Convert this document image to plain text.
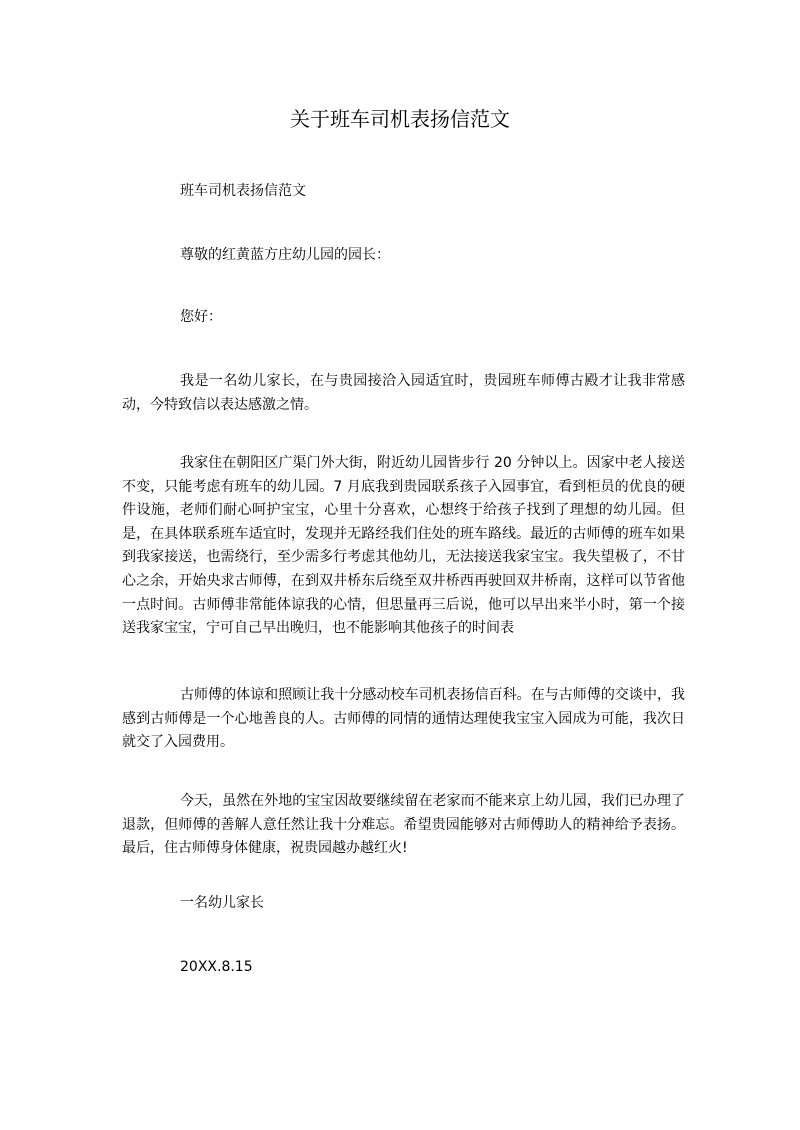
关于班车司机表扬信范文

班车司机表扬信范文

尊敬的红黄蓝方庄幼儿园的园长：

您好：

我是一名幼儿家长，在与贵园接洽入园适宜时，贵园班车师傅古殿才让我非常感动，今特致信以表达感激之情。

我家住在朝阳区广渠门外大街，附近幼儿园皆步行 20 分钟以上。因家中老人接送不变，只能考虑有班车的幼儿园。7 月底我到贵园联系孩子入园事宜，看到柜员的优良的硬件设施，老师们耐心呵护宝宝，心里十分喜欢，心想终于给孩子找到了理想的幼儿园。但是，在具体联系班车适宜时，发现并无路经我们住处的班车路线。最近的古师傅的班车如果到我家接送，也需绕行，至少需多行考虑其他幼儿，无法接送我家宝宝。我失望极了，不甘心之余，开始央求古师傅，在到双井桥东后绕至双井桥西再驶回双井桥南，这样可以节省他一点时间。古师傅非常能体谅我的心情，但思量再三后说，他可以早出来半小时，第一个接送我家宝宝，宁可自己早出晚归，也不能影响其他孩子的时间表

古师傅的体谅和照顾让我十分感动校车司机表扬信百科。在与古师傅的交谈中，我感到古师傅是一个心地善良的人。古师傅的同情的通情达理使我宝宝入园成为可能，我次日就交了入园费用。

今天，虽然在外地的宝宝因故要继续留在老家而不能来京上幼儿园，我们已办理了退款，但师傅的善解人意任然让我十分难忘。希望贵园能够对古师傅助人的精神给予表扬。最后，住古师傅身体健康，祝贵园越办越红火!

一名幼儿家长

20XX.8.15
